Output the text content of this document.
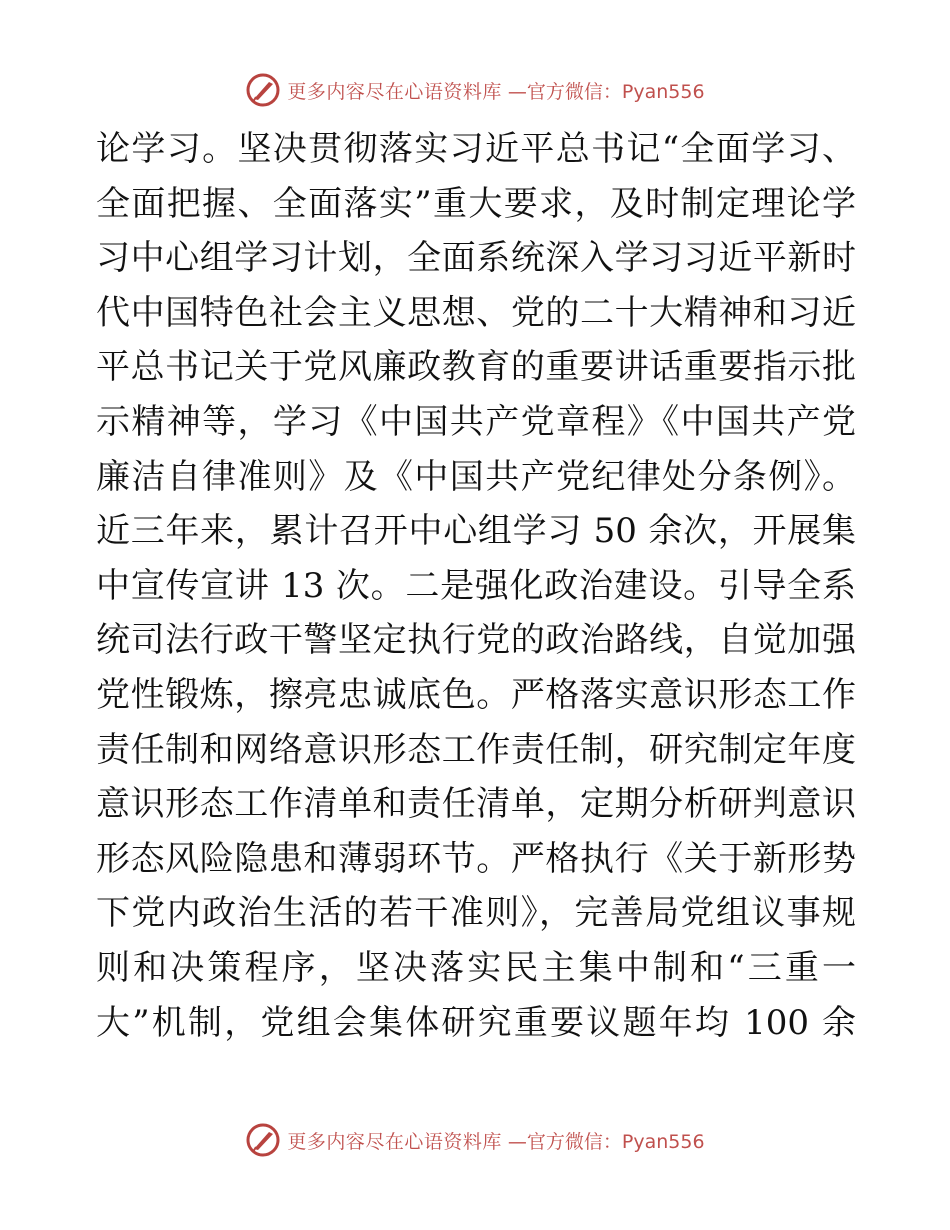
更多内容尽在心语资料库 —官方微信：Pyan556
论学习。坚决贯彻落实习近平总书记“全面学习、
全面把握、全面落实”重大要求，及时制定理论学
习中心组学习计划，全面系统深入学习习近平新时
代中国特色社会主义思想、党的二十大精神和习近
平总书记关于党风廉政教育的重要讲话重要指示批
示精神等，学习《中国共产党章程》《中国共产党
廉洁自律准则》及《中国共产党纪律处分条例》。
近三年来，累计召开中心组学习 50 余次，开展集
中宣传宣讲 13 次。二是强化政治建设。引导全系
统司法行政干警坚定执行党的政治路线，自觉加强
党性锻炼，擦亮忠诚底色。严格落实意识形态工作
责任制和网络意识形态工作责任制，研究制定年度
意识形态工作清单和责任清单，定期分析研判意识
形态风险隐患和薄弱环节。严格执行《关于新形势
下党内政治生活的若干准则》，完善局党组议事规
则和决策程序，坚决落实民主集中制和“三重一
大”机制，党组会集体研究重要议题年均 100 余
更多内容尽在心语资料库 —官方微信：Pyan556
